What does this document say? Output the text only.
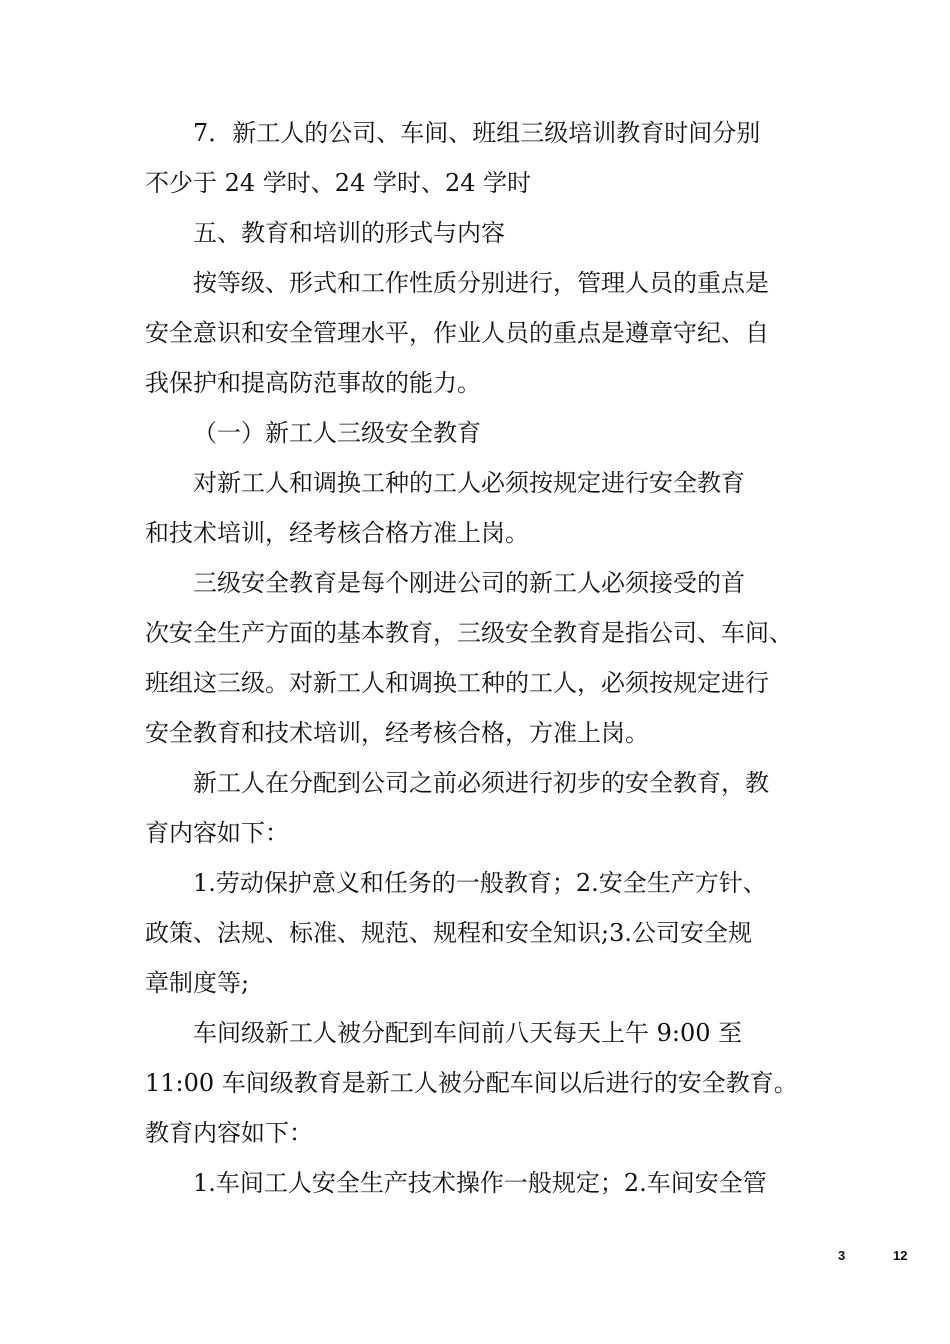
7．新工人的公司、车间、班组三级培训教育时间分别
不少于 24 学时、24 学时、24 学时
五、教育和培训的形式与内容
按等级、形式和工作性质分别进行，管理人员的重点是
安全意识和安全管理水平，作业人员的重点是遵章守纪、自
我保护和提高防范事故的能力。
（一）新工人三级安全教育
对新工人和调换工种的工人必须按规定进行安全教育
和技术培训，经考核合格方准上岗。
三级安全教育是每个刚进公司的新工人必须接受的首
次安全生产方面的基本教育，三级安全教育是指公司、车间、
班组这三级。对新工人和调换工种的工人，必须按规定进行
安全教育和技术培训，经考核合格，方准上岗。
新工人在分配到公司之前必须进行初步的安全教育，教
育内容如下：
1.劳动保护意义和任务的一般教育；2.安全生产方针、
政策、法规、标准、规范、规程和安全知识;3.公司安全规
章制度等;
车间级新工人被分配到车间前八天每天上午 9:00 至
11:00 车间级教育是新工人被分配车间以后进行的安全教育。
教育内容如下：
1.车间工人安全生产技术操作一般规定；2.车间安全管
3	12
